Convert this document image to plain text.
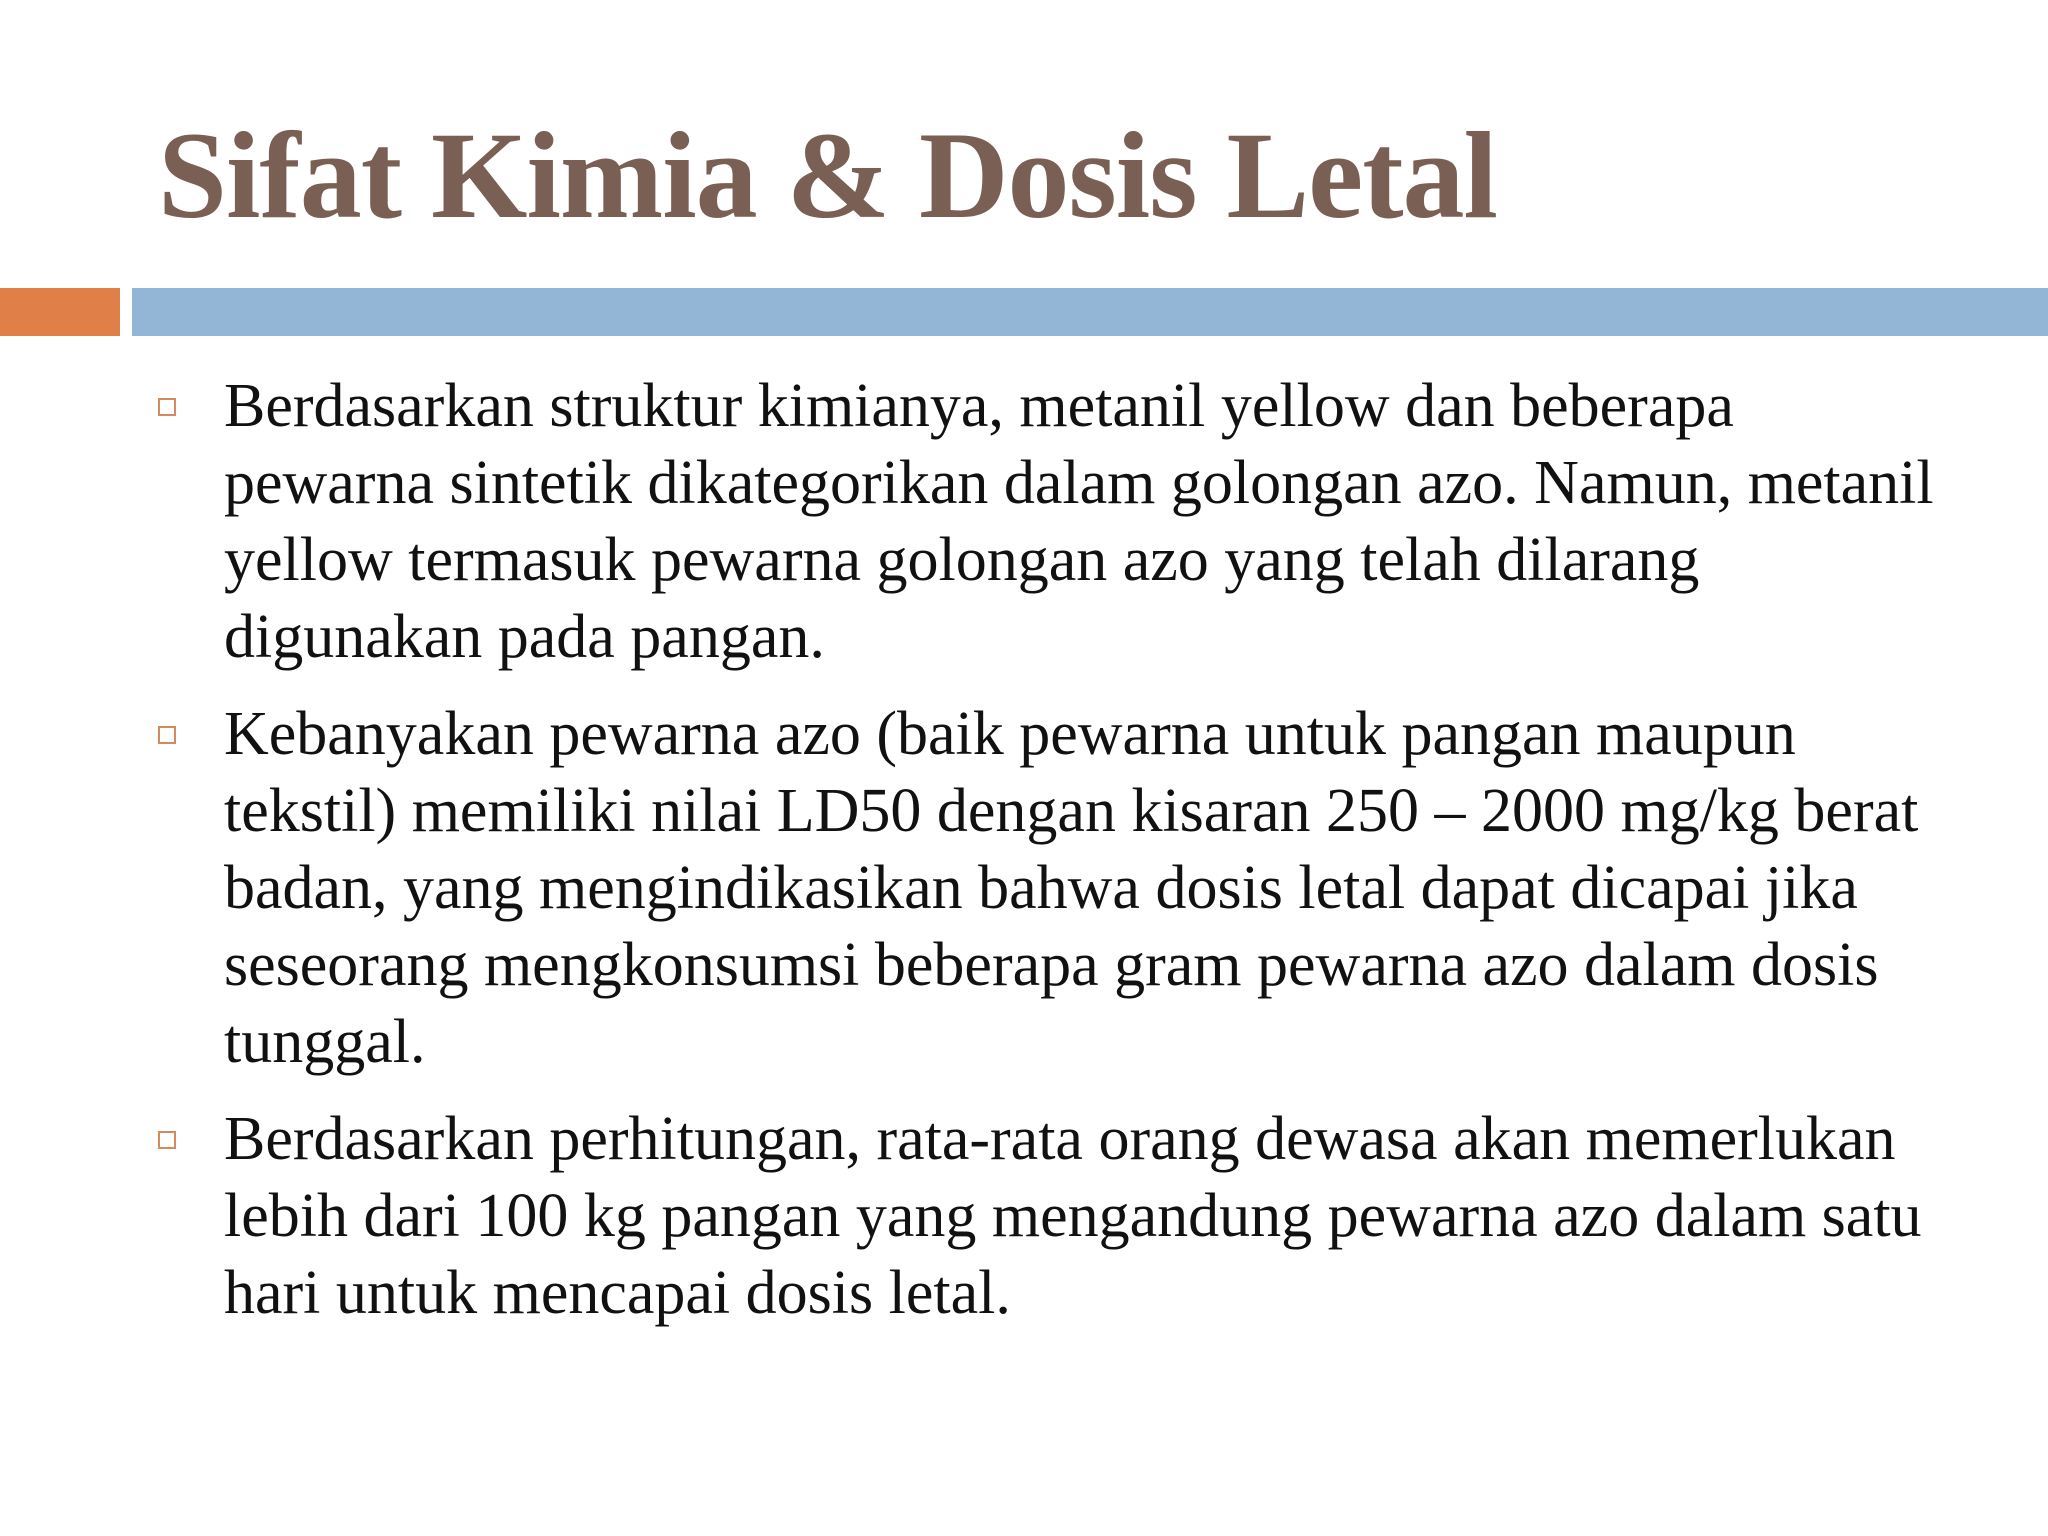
Sifat Kimia & Dosis Letal
Berdasarkan struktur kimianya, metanil yellow dan beberapa pewarna sintetik dikategorikan dalam golongan azo. Namun, metanil yellow termasuk pewarna golongan azo yang telah dilarang digunakan pada pangan.
Kebanyakan pewarna azo (baik pewarna untuk pangan maupun tekstil) memiliki nilai LD50 dengan kisaran 250 – 2000 mg/kg berat badan, yang mengindikasikan bahwa dosis letal dapat dicapai jika seseorang mengkonsumsi beberapa gram pewarna azo dalam dosis tunggal.
Berdasarkan perhitungan, rata-rata orang dewasa akan memerlukan lebih dari 100 kg pangan yang mengandung pewarna azo dalam satu hari untuk mencapai dosis letal.
